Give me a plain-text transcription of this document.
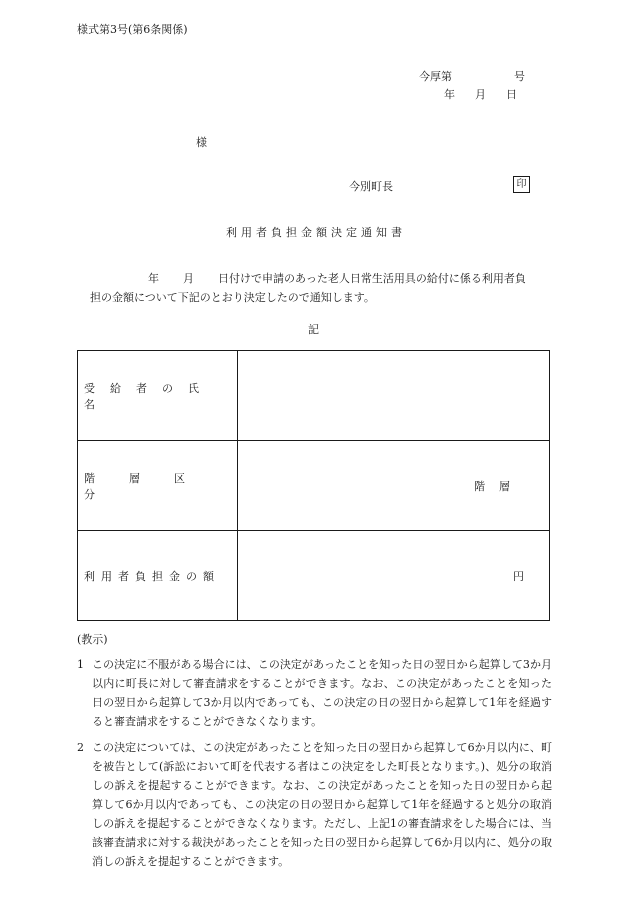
様式第3号(第6条関係)
今厚第	号
年 月 日
様
今別町長	印
利用者負担金額決定通知書
年 月 日付けで申請のあった老人日常生活用具の給付に係る利用者負
担の金額について下記のとおり決定したので通知します。
記
受給者の氏名	
階層区分	階層
利用者負担金の額	円
(教示)
1 この決定に不服がある場合には、この決定があったことを知った日の翌日から起算して3か月以内に町長に対して審査請求をすることができます。なお、この決定があったことを知った日の翌日から起算して3か月以内であっても、この決定の日の翌日から起算して1年を経過すると審査請求をすることができなくなります。
2 この決定については、この決定があったことを知った日の翌日から起算して6か月以内に、町を被告として(訴訟において町を代表する者はこの決定をした町長となります。)、処分の取消しの訴えを提起することができます。なお、この決定があったことを知った日の翌日から起算して6か月以内であっても、この決定の日の翌日から起算して1年を経過すると処分の取消しの訴えを提起することができなくなります。ただし、上記1の審査請求をした場合には、当該審査請求に対する裁決があったことを知った日の翌日から起算して6か月以内に、処分の取消しの訴えを提起することができます。
